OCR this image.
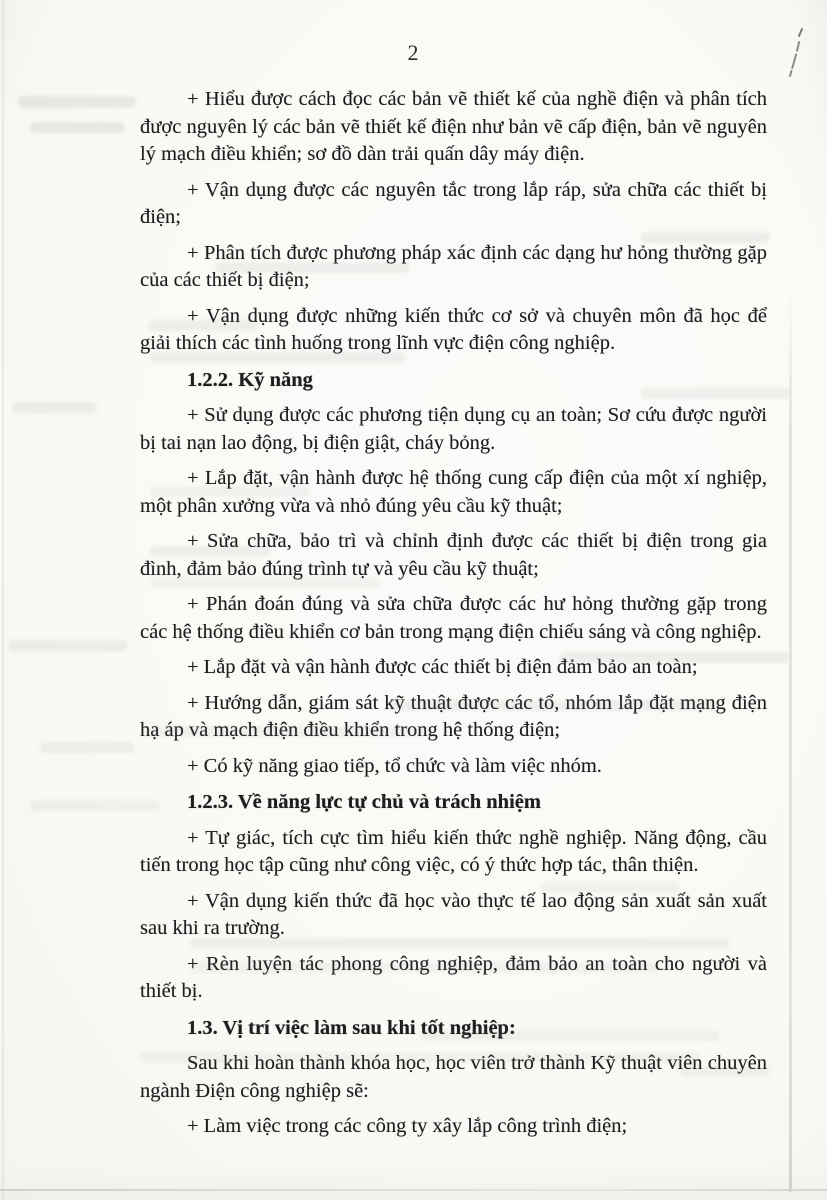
2

+ Hiểu được cách đọc các bản vẽ thiết kế của nghề điện và phân tích được nguyên lý các bản vẽ thiết kế điện như bản vẽ cấp điện, bản vẽ nguyên lý mạch điều khiển; sơ đồ dàn trải quấn dây máy điện.

+ Vận dụng được các nguyên tắc trong lắp ráp, sửa chữa các thiết bị điện;

+ Phân tích được phương pháp xác định các dạng hư hỏng thường gặp của các thiết bị điện;

+ Vận dụng được những kiến thức cơ sở và chuyên môn đã học để giải thích các tình huống trong lĩnh vực điện công nghiệp.

1.2.2. Kỹ năng

+ Sử dụng được các phương tiện dụng cụ an toàn; Sơ cứu được người bị tai nạn lao động, bị điện giật, cháy bỏng.

+ Lắp đặt, vận hành được hệ thống cung cấp điện của một xí nghiệp, một phân xưởng vừa và nhỏ đúng yêu cầu kỹ thuật;

+ Sửa chữa, bảo trì và chỉnh định được các thiết bị điện trong gia đình, đảm bảo đúng trình tự và yêu cầu kỹ thuật;

+ Phán đoán đúng và sửa chữa được các hư hỏng thường gặp trong các hệ thống điều khiển cơ bản trong mạng điện chiếu sáng và công nghiệp.

+ Lắp đặt và vận hành được các thiết bị điện đảm bảo an toàn;

+ Hướng dẫn, giám sát kỹ thuật được các tổ, nhóm lắp đặt mạng điện hạ áp và mạch điện điều khiển trong hệ thống điện;

+ Có kỹ năng giao tiếp, tổ chức và làm việc nhóm.

1.2.3. Về năng lực tự chủ và trách nhiệm

+ Tự giác, tích cực tìm hiểu kiến thức nghề nghiệp. Năng động, cầu tiến trong học tập cũng như công việc, có ý thức hợp tác, thân thiện.

+ Vận dụng kiến thức đã học vào thực tế lao động sản xuất sản xuất sau khi ra trường.

+ Rèn luyện tác phong công nghiệp, đảm bảo an toàn cho người và thiết bị.

1.3. Vị trí việc làm sau khi tốt nghiệp:

Sau khi hoàn thành khóa học, học viên trở thành Kỹ thuật viên chuyên ngành Điện công nghiệp sẽ:

+ Làm việc trong các công ty xây lắp công trình điện;
